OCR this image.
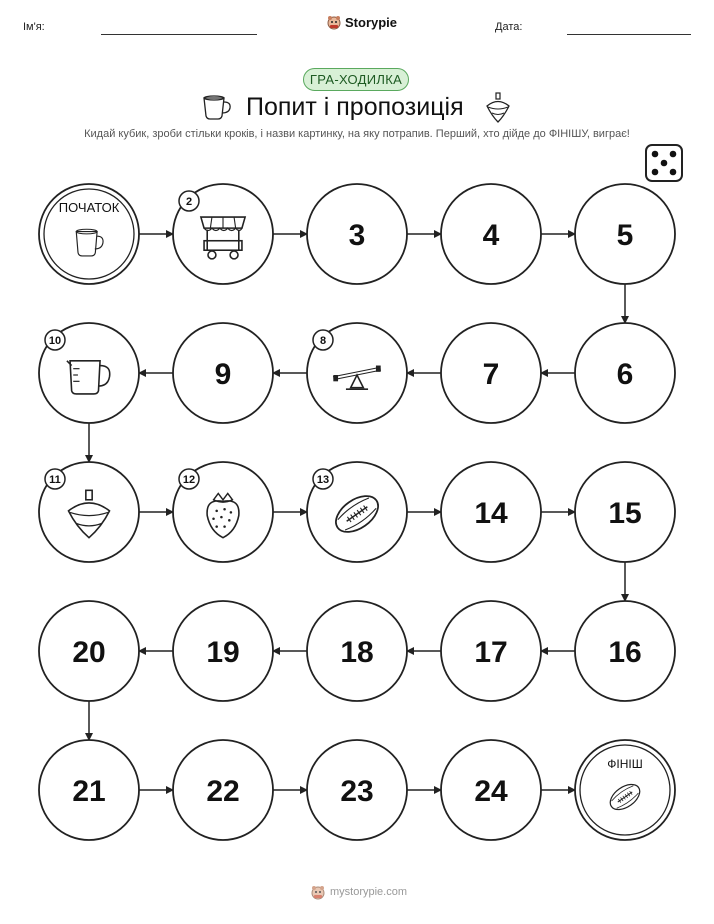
Ім'я:	Storypie	Дата:
ГРА-ХОДИЛКА
Попит і пропозиція
Кидай кубик, зроби стільки кроків, і назви картинку, на яку потрапив. Перший, хто дійде до ФІНІШУ, виграє!
ПОЧАТОК	2
3	4	5
6
7
8
9
10
11	12	13
14	15
16
17
18
19
20
21	22	23	24
ФІНІШ
mystorypie.com
